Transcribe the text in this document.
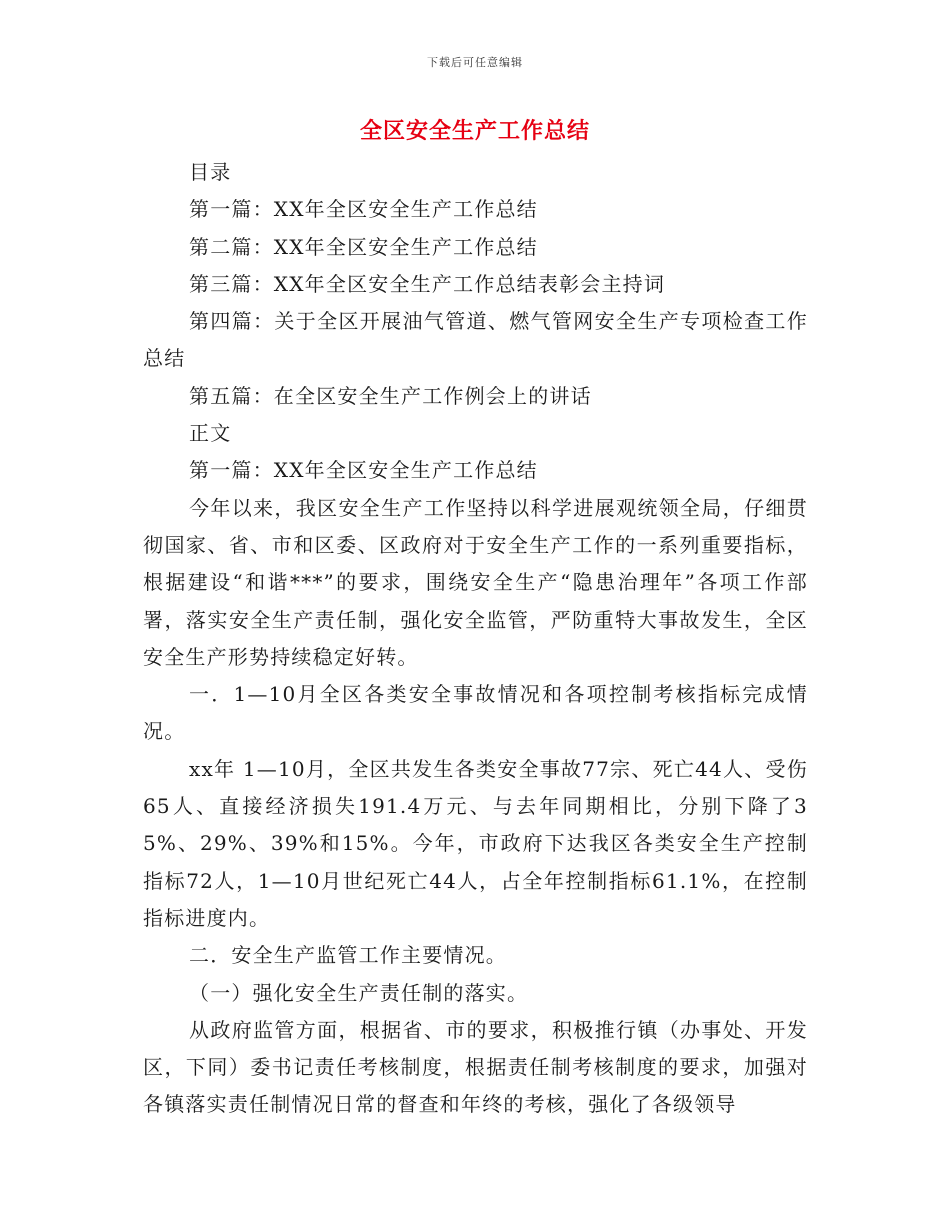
下载后可任意编辑
全区安全生产工作总结

目录

第一篇：XX年全区安全生产工作总结

第二篇：XX年全区安全生产工作总结

第三篇：XX年全区安全生产工作总结表彰会主持词

第四篇：关于全区开展油气管道、燃气管网安全生产专项检查工作总结

第五篇：在全区安全生产工作例会上的讲话

正文

第一篇：XX年全区安全生产工作总结

今年以来，我区安全生产工作坚持以科学进展观统领全局，仔细贯彻国家、省、市和区委、区政府对于安全生产工作的一系列重要指标，根据建设“和谐***”的要求，围绕安全生产“隐患治理年”各项工作部署，落实安全生产责任制，强化安全监管，严防重特大事故发生，全区安全生产形势持续稳定好转。

一．1—10月全区各类安全事故情况和各项控制考核指标完成情况。

xx年 1—10月，全区共发生各类安全事故77宗、死亡44人、受伤65人、直接经济损失191.4万元、与去年同期相比，分别下降了35%、29%、39%和15%。今年，市政府下达我区各类安全生产控制指标72人，1—10月世纪死亡44人，占全年控制指标61.1%，在控制指标进度内。

二．安全生产监管工作主要情况。

（一）强化安全生产责任制的落实。

从政府监管方面，根据省、市的要求，积极推行镇（办事处、开发区，下同）委书记责任考核制度，根据责任制考核制度的要求，加强对各镇落实责任制情况日常的督查和年终的考核，强化了各级领导
